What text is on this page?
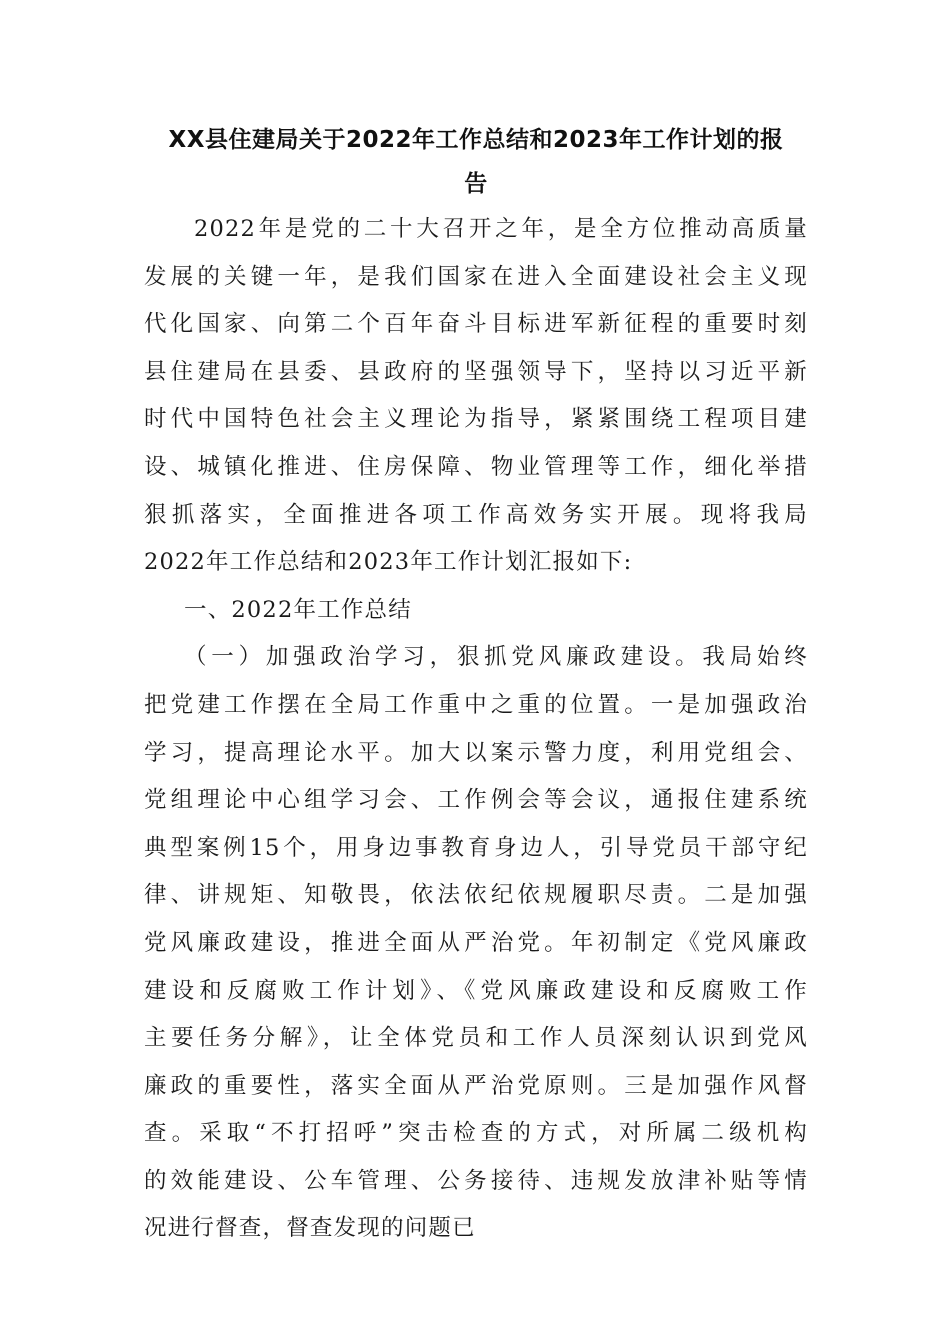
XX县住建局关于2022年工作总结和2023年工作计划的报
告
2022年是党的二十大召开之年，是全方位推动高质量
发展的关键一年，是我们国家在进入全面建设社会主义现
代化国家、向第二个百年奋斗目标进军新征程的重要时刻
县住建局在县委、县政府的坚强领导下，坚持以习近平新
时代中国特色社会主义理论为指导，紧紧围绕工程项目建
设、城镇化推进、住房保障、物业管理等工作，细化举措
狠抓落实，全面推进各项工作高效务实开展。现将我局
2022年工作总结和2023年工作计划汇报如下:
一、2022年工作总结
（一）加强政治学习，狠抓党风廉政建设。我局始终
把党建工作摆在全局工作重中之重的位置。一是加强政治
学习，提高理论水平。加大以案示警力度，利用党组会、
党组理论中心组学习会、工作例会等会议，通报住建系统
典型案例15个，用身边事教育身边人，引导党员干部守纪
律、讲规矩、知敬畏，依法依纪依规履职尽责。二是加强
党风廉政建设，推进全面从严治党。年初制定《党风廉政
建设和反腐败工作计划》、《党风廉政建设和反腐败工作
主要任务分解》，让全体党员和工作人员深刻认识到党风
廉政的重要性，落实全面从严治党原则。三是加强作风督
查。采取“不打招呼”突击检查的方式，对所属二级机构
的效能建设、公车管理、公务接待、违规发放津补贴等情
况进行督查，督查发现的问题已
